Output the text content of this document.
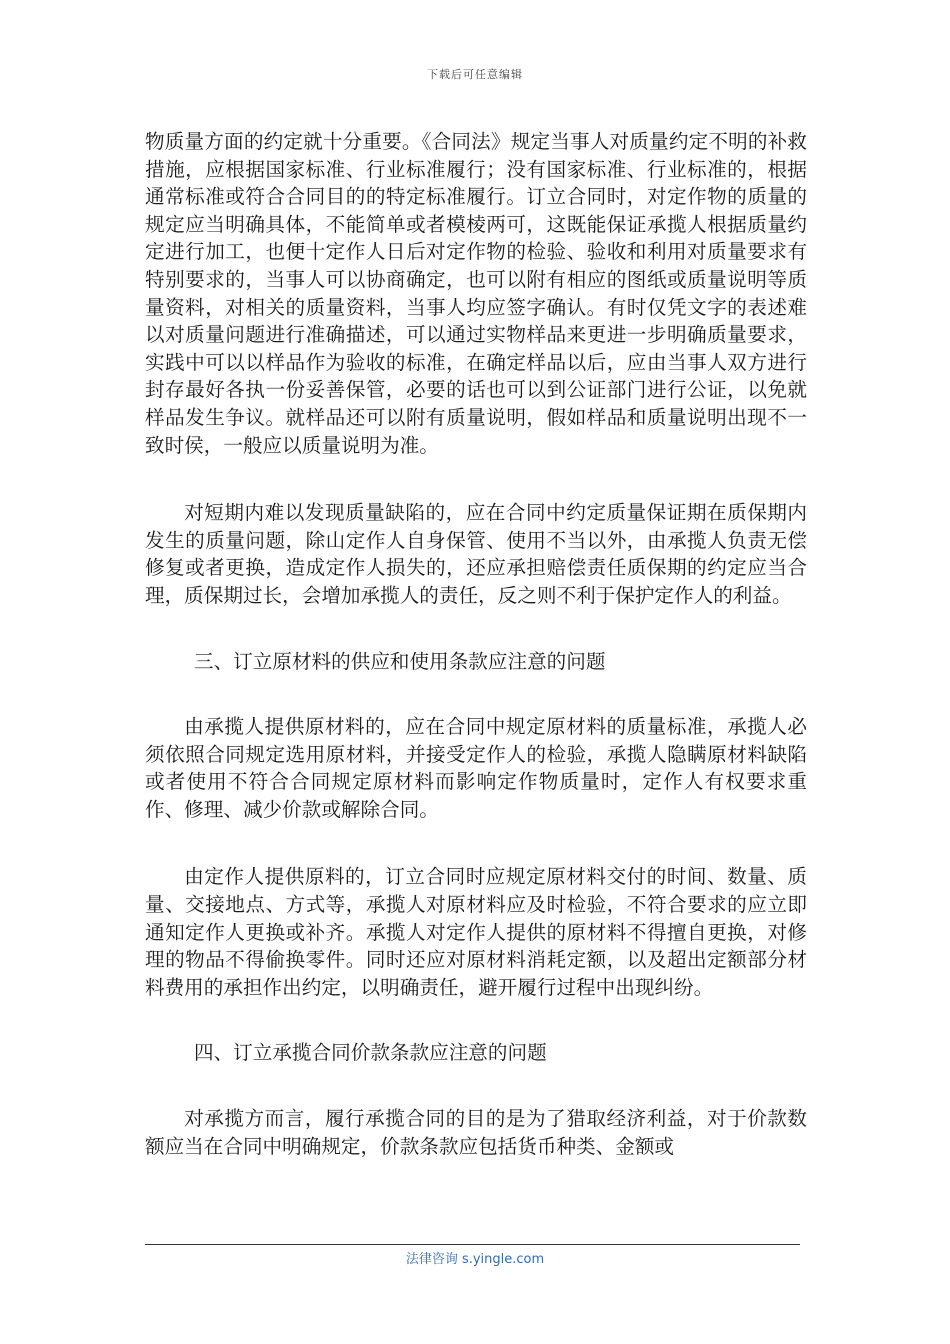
下载后可任意编辑

物质量方面的约定就十分重要。《合同法》规定当事人对质量约定不明的补救措施，应根据国家标准、行业标准履行；没有国家标准、行业标准的，根据通常标准或符合合同目的的特定标准履行。订立合同时，对定作物的质量的规定应当明确具体，不能简单或者模棱两可，这既能保证承揽人根据质量约定进行加工，也便十定作人日后对定作物的检验、验收和利用对质量要求有特别要求的，当事人可以协商确定，也可以附有相应的图纸或质量说明等质量资料，对相关的质量资料，当事人均应签字确认。有时仅凭文字的表述难以对质量问题进行准确描述，可以通过实物样品来更进一步明确质量要求，实践中可以以样品作为验收的标准，在确定样品以后，应由当事人双方进行封存最好各执一份妥善保管，必要的话也可以到公证部门进行公证，以免就样品发生争议。就样品还可以附有质量说明，假如样品和质量说明出现不一致时侯，一般应以质量说明为准。

对短期内难以发现质量缺陷的，应在合同中约定质量保证期在质保期内发生的质量问题，除山定作人自身保管、使用不当以外，由承揽人负责无偿修复或者更换，造成定作人损失的，还应承担赔偿责任质保期的约定应当合理，质保期过长，会增加承揽人的责任，反之则不利于保护定作人的利益。

三、订立原材料的供应和使用条款应注意的问题

由承揽人提供原材料的，应在合同中规定原材料的质量标准，承揽人必须依照合同规定选用原材料，并接受定作人的检验，承揽人隐瞒原材料缺陷或者使用不符合合同规定原材料而影响定作物质量时，定作人有权要求重作、修理、减少价款或解除合同。

由定作人提供原料的，订立合同时应规定原材料交付的时间、数量、质量、交接地点、方式等，承揽人对原材料应及时检验，不符合要求的应立即通知定作人更换或补齐。承揽人对定作人提供的原材料不得擅自更换，对修理的物品不得偷换零件。同时还应对原材料消耗定额，以及超出定额部分材料费用的承担作出约定，以明确责任，避开履行过程中出现纠纷。

四、订立承揽合同价款条款应注意的问题

对承揽方而言，履行承揽合同的目的是为了猎取经济利益，对于价款数额应当在合同中明确规定，价款条款应包括货币种类、金额或

法律咨询 s.yingle.com
